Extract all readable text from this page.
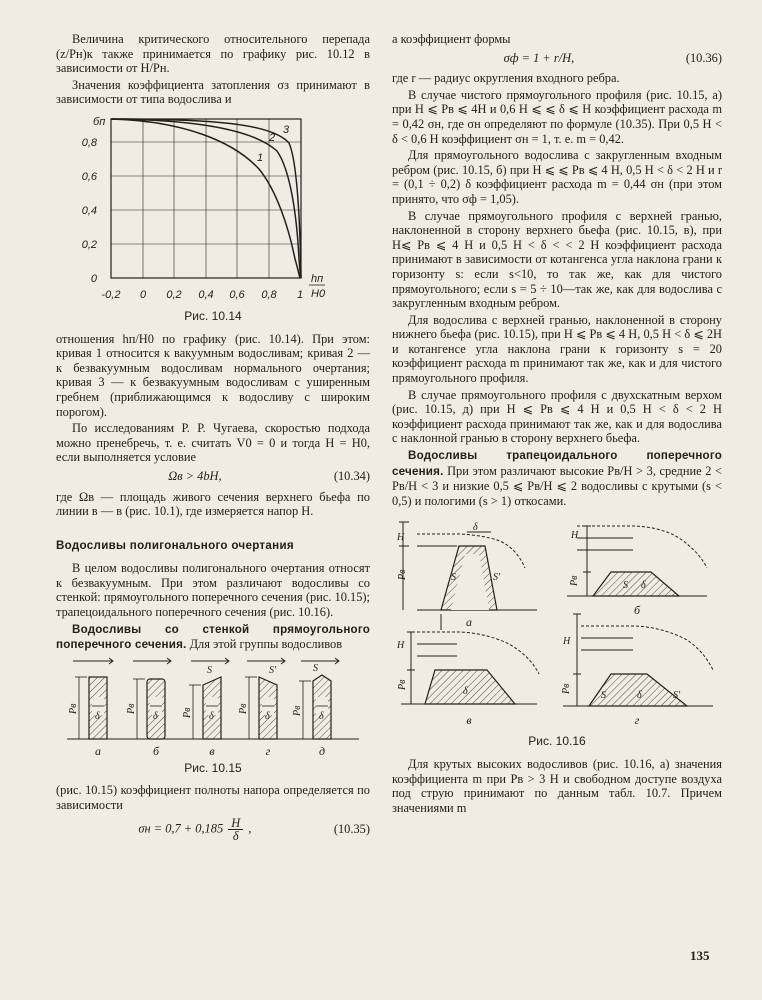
Величина критического относительного перепада (z/Pн)к также принимается по графику рис. 10.12 в зависимости от H/Pн.

Значения коэффициента затопления σз принимают в зависимости от типа водослива и

бп
0,8
0,6
0,4
0,2
0
-0,2 0 0,2 0,4 0,6 0,8 1
hп
H0
1
2
3
Рис. 10.14

отношения hп/H0 по графику (рис. 10.14). При этом: кривая 1 относится к вакуумным водосливам; кривая 2 — к безвакуумным водосливам нормального очертания; кривая 3 — к безвакуумным водосливам с уширенным гребнем (приближающимся к водосливу с широким порогом).

По исследованиям Р. Р. Чугаева, скоростью подхода можно пренебречь, т. е. считать V0 = 0 и тогда H = H0, если выполняется условие

Ωв > 4bH,	(10.34)

где Ωв — площадь живого сечения верхнего бьефа по линии в — в (рис. 10.1), где измеряется напор H.

Водосливы полигонального очертания

В целом водосливы полигонального очертания относят к безвакуумным. При этом различают водосливы со стенкой: прямоугольного поперечного сечения (рис. 10.15); трапецоидального поперечного сечения (рис. 10.16).

Водосливы со стенкой прямоугольного поперечного сечения. Для этой группы водосливов

Pв	Pв	Pв	Pв	Pв
δ	δ	δ	δ	δ
S	S'	S
а	б	в	г	д
Рис. 10.15

(рис. 10.15) коэффициент полноты напора определяется по зависимости

$\sigma н = 0,7 + 0,185 \frac{H}{\delta}$ ,	(10.35)

а коэффициент формы

σф = 1 + r/H,	(10.36)

где r — радиус округления входного ребра.

В случае чистого прямоугольного профиля (рис. 10.15, а) при H ⩽ Pв ⩽ 4H и 0,6 H ⩽ ⩽ δ ⩽ H коэффициент расхода m = 0,42 σн, где σн определяют по формуле (10.35). При 0,5 H < δ < 0,6 H коэффициент σн = 1, т. е. m = 0,42.

Для прямоугольного водослива с закругленным входным ребром (рис. 10.15, б) при H ⩽ ⩽ Pв ⩽ 4 H, 0,5 H < δ < 2 H и r = (0,1 ÷ 0,2) δ коэффициент расхода m = 0,44 σн (при этом принято, что σф = 1,05).

В случае прямоугольного профиля с верхней гранью, наклоненной в сторону верхнего бьефа (рис. 10.15, в), при H⩽ Pв ⩽ 4 H и 0,5 H < δ < < 2 H коэффициент расхода принимают в зависимости от котангенса угла наклона грани к горизонту s: если s<10, то так же, как для чистого прямоугольного; если s = 5 ÷ 10—так же, как для водослива с закругленным входным ребром.

Для водослива с верхней гранью, наклоненной в сторону нижнего бьефа (рис. 10.15), при H ⩽ Pв ⩽ 4 H, 0,5 H < δ ⩽ 2H и котангенсе угла наклона грани к горизонту s = 20 коэффициент расхода m принимают так же, как и для чистого прямоугольного профиля.

В случае прямоугольного профиля с двухскатным верхом (рис. 10.15, д) при H ⩽ Pв ⩽ 4 H и 0,5 H < δ < 2 H коэффициент расхода принимают так же, как и для водослива с наклонной гранью в сторону верхнего бьефа.

Водосливы трапецоидального поперечного сечения. При этом различают высокие Pв/H > 3, средние 2 < Pв/H < 3 и низкие 0,5 ⩽ Pв/H ⩽ 2 водосливы с крутыми (s < 0,5) и пологими (s > 1) откосами.

H
Pв
δ
S	S'
H
Pв	S δ
H
Pв
δ
H
Pв
S	δ	S'
а
б
в	г
Рис. 10.16

Для крутых высоких водосливов (рис. 10.16, а) значения коэффициента m при Pв > 3 H и свободном доступе воздуха под струю принимают по данным табл. 10.7. Причем значениями m

135
